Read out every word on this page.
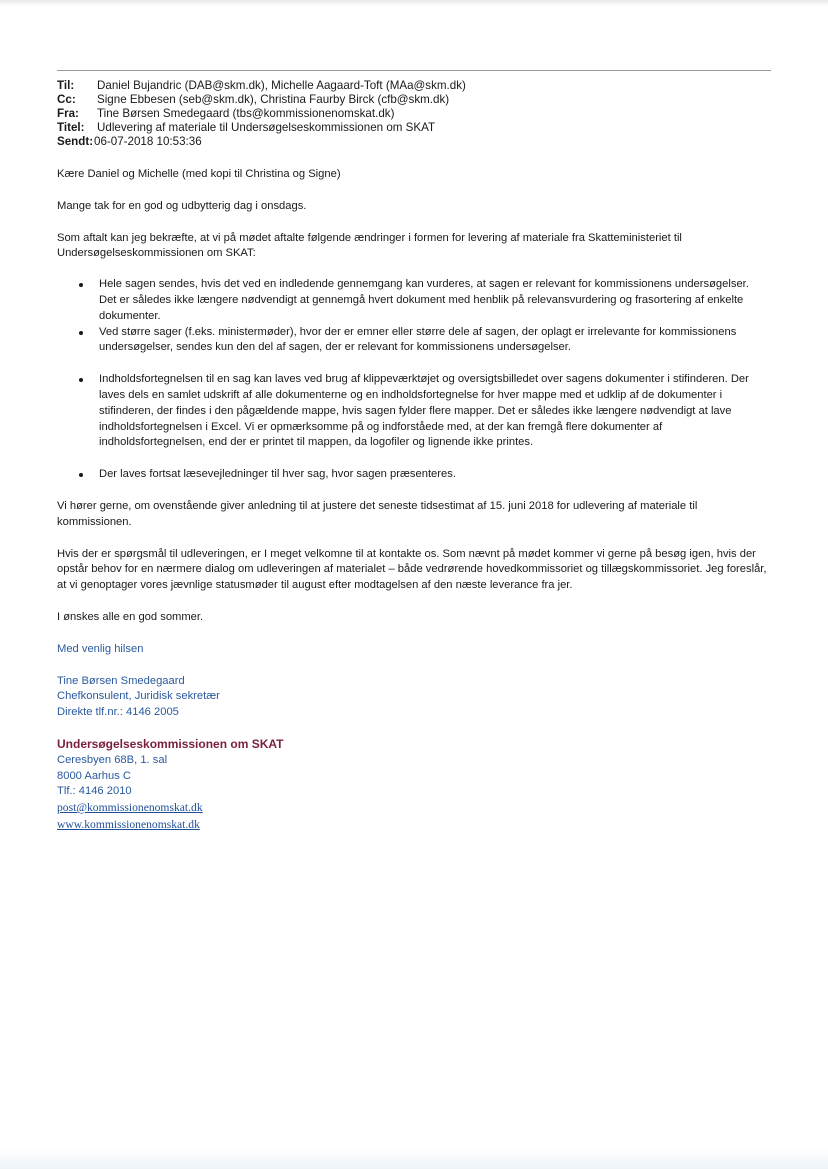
Til:	Daniel Bujandric (DAB@skm.dk), Michelle Aagaard-Toft (MAa@skm.dk)
Cc:	Signe Ebbesen (seb@skm.dk), Christina Faurby Birck (cfb@skm.dk)
Fra:	Tine Børsen Smedegaard (tbs@kommissionenomskat.dk)
Titel:	Udlevering af materiale til Undersøgelseskommissionen om SKAT
Sendt: 06-07-2018 10:53:36

Kære Daniel og Michelle (med kopi til Christina og Signe)

Mange tak for en god og udbytterig dag i onsdags.

Som aftalt kan jeg bekræfte, at vi på mødet aftalte følgende ændringer i formen for levering af materiale fra Skatteministeriet til Undersøgelseskommissionen om SKAT:

Hele sagen sendes, hvis det ved en indledende gennemgang kan vurderes, at sagen er relevant for kommissionens undersøgelser. Det er således ikke længere nødvendigt at gennemgå hvert dokument med henblik på relevansvurdering og frasortering af enkelte dokumenter.
Ved større sager (f.eks. ministermøder), hvor der er emner eller større dele af sagen, der oplagt er irrelevante for kommissionens undersøgelser, sendes kun den del af sagen, der er relevant for kommissionens undersøgelser.
Indholdsfortegnelsen til en sag kan laves ved brug af klippeværktøjet og oversigtsbilledet over sagens dokumenter i stifinderen. Der laves dels en samlet udskrift af alle dokumenterne og en indholdsfortegnelse for hver mappe med et udklip af de dokumenter i stifinderen, der findes i den pågældende mappe, hvis sagen fylder flere mapper. Det er således ikke længere nødvendigt at lave indholdsfortegnelsen i Excel. Vi er opmærksomme på og indforståede med, at der kan fremgå flere dokumenter af indholdsfortegnelsen, end der er printet til mappen, da logofiler og lignende ikke printes.
Der laves fortsat læsevejledninger til hver sag, hvor sagen præsenteres.

Vi hører gerne, om ovenstående giver anledning til at justere det seneste tidsestimat af 15. juni 2018 for udlevering af materiale til kommissionen.

Hvis der er spørgsmål til udleveringen, er I meget velkomne til at kontakte os. Som nævnt på mødet kommer vi gerne på besøg igen, hvis der opstår behov for en nærmere dialog om udleveringen af materialet – både vedrørende hovedkommissoriet og tillægskommissoriet. Jeg foreslår, at vi genoptager vores jævnlige statusmøder til august efter modtagelsen af den næste leverance fra jer.

I ønskes alle en god sommer.

Med venlig hilsen

Tine Børsen Smedegaard

Chefkonsulent, Juridisk sekretær

Direkte tlf.nr.: 4146 2005

Undersøgelseskommissionen om SKAT

Ceresbyen 68B, 1. sal

8000 Aarhus C

Tlf.: 4146 2010

post@kommissionenomskat.dk

www.kommissionenomskat.dk
